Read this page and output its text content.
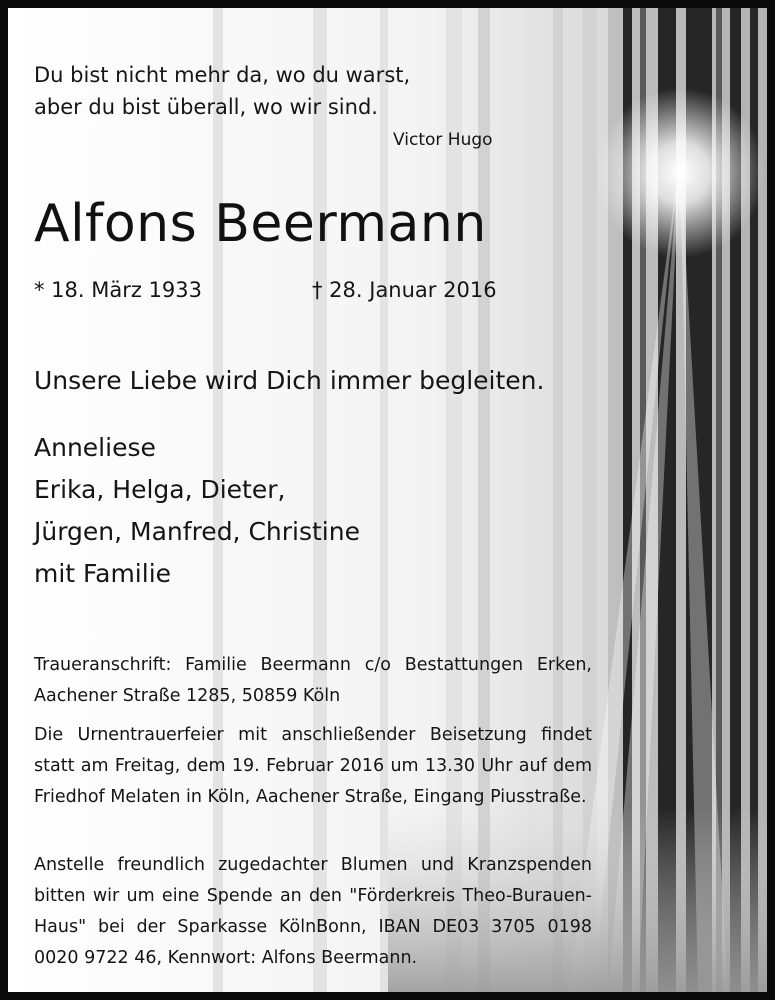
Du bist nicht mehr da, wo du warst,

aber du bist überall, wo wir sind.

Victor Hugo

Alfons Beermann

* 18. März 1933	† 28. Januar 2016

Unsere Liebe wird Dich immer begleiten.

Anneliese

Erika, Helga, Dieter,

Jürgen, Manfred, Christine

mit Familie

Traueranschrift: Familie Beermann c/o Bestattungen Erken, Aachener Straße 1285, 50859 Köln

Die Urnentrauerfeier mit anschließender Beisetzung findet statt am Freitag, dem 19. Februar 2016 um 13.30 Uhr auf dem Friedhof Melaten in Köln, Aachener Straße, Eingang Piusstraße.

Anstelle freundlich zugedachter Blumen und Kranzspenden bitten wir um eine Spende an den "Förderkreis Theo-Burauen-Haus" bei der Sparkasse KölnBonn, IBAN DE03 3705 0198 0020 9722 46, Kennwort: Alfons Beermann.
